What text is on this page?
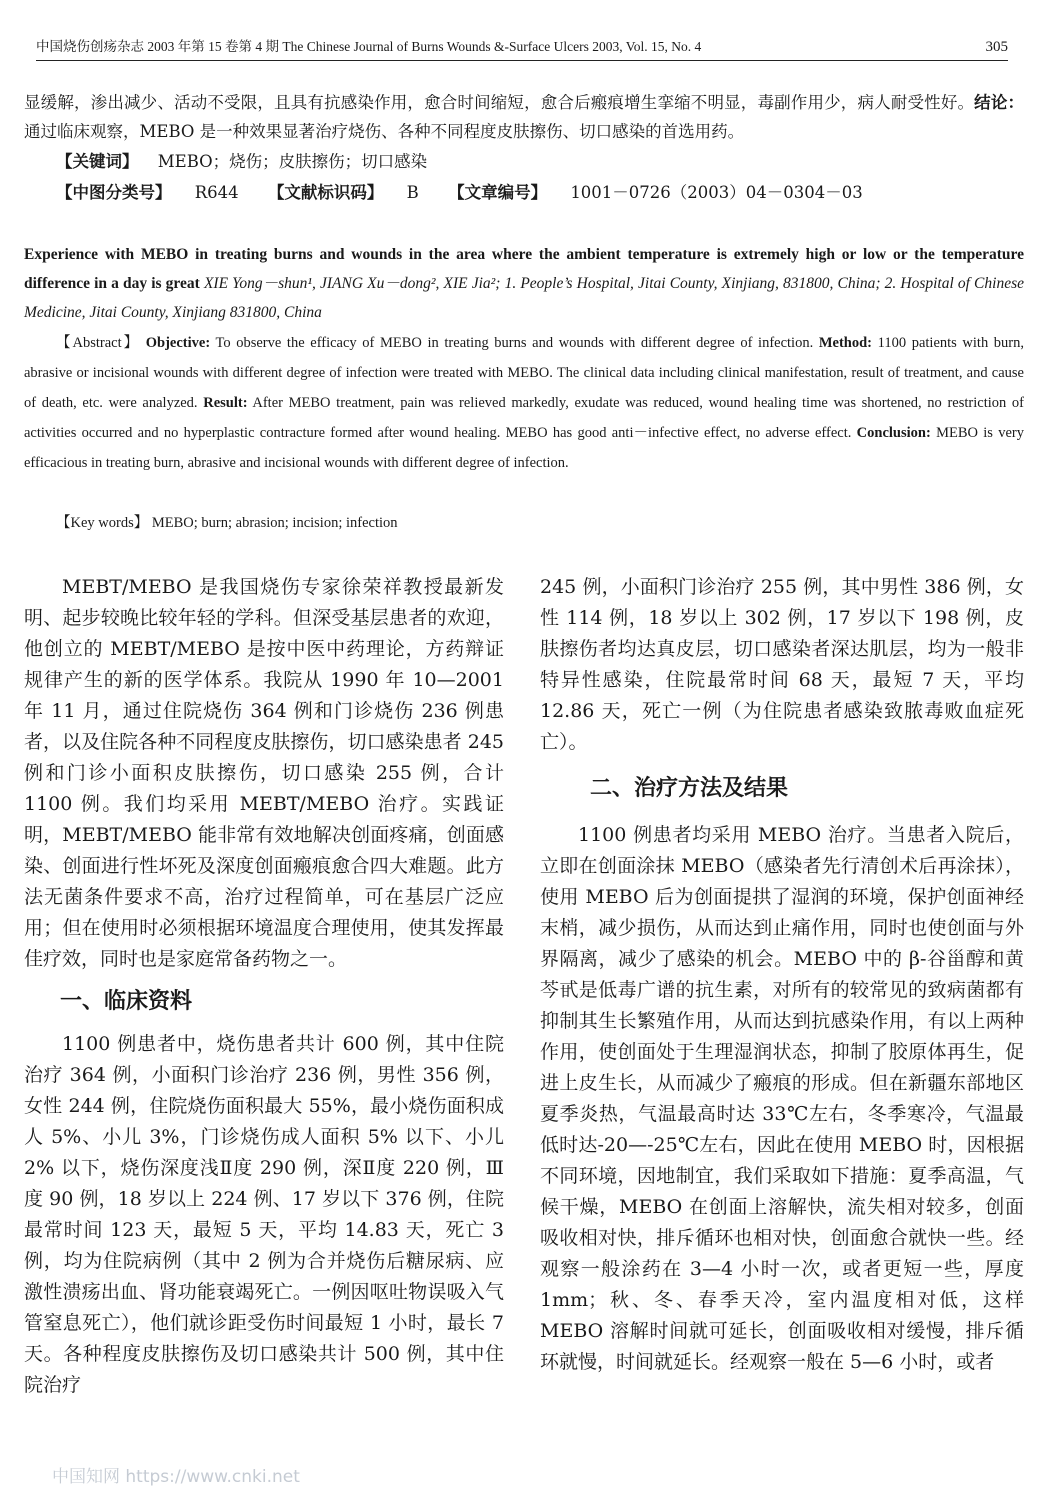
中国烧伤创疡杂志 2003 年第 15 卷第 4 期 The Chinese Journal of Burns Wounds &-Surface Ulcers 2003, Vol. 15, No. 4	305
显缓解，渗出减少、活动不受限，且具有抗感染作用，愈合时间缩短，愈合后瘢痕增生挛缩不明显，毒副作用少，病人耐受性好。结论：通过临床观察，MEBO 是一种效果显著治疗烧伤、各种不同程度皮肤擦伤、切口感染的首选用药。
【关键词】 MEBO；烧伤；皮肤擦伤；切口感染
【中图分类号】 R644 【文献标识码】 B 【文章编号】 1001－0726（2003）04－0304－03
Experience with MEBO in treating burns and wounds in the area where the ambient temperature is extremely high or low or the temperature difference in a day is great XIE Yong－shun¹, JIANG Xu－dong², XIE Jia²; 1. People’s Hospital, Jitai County, Xinjiang, 831800, China; 2. Hospital of Chinese Medicine, Jitai County, Xinjiang 831800, China
【Abstract】 Objective: To observe the efficacy of MEBO in treating burns and wounds with different degree of infection. Method: 1100 patients with burn, abrasive or incisional wounds with different degree of infection were treated with MEBO. The clinical data including clinical manifestation, result of treatment, and cause of death, etc. were analyzed. Result: After MEBO treatment, pain was relieved markedly, exudate was reduced, wound healing time was shortened, no restriction of activities occurred and no hyperplastic contracture formed after wound healing. MEBO has good anti－infective effect, no adverse effect. Conclusion: MEBO is very efficacious in treating burn, abrasive and incisional wounds with different degree of infection.
【Key words】 MEBO; burn; abrasion; incision; infection

MEBT/MEBO 是我国烧伤专家徐荣祥教授最新发明、起步较晚比较年轻的学科。但深受基层患者的欢迎，他创立的 MEBT/MEBO 是按中医中药理论，方药辩证规律产生的新的医学体系。我院从 1990 年 10—2001 年 11 月，通过住院烧伤 364 例和门诊烧伤 236 例患者，以及住院各种不同程度皮肤擦伤，切口感染患者 245 例和门诊小面积皮肤擦伤，切口感染 255 例，合计 1100 例。我们均采用 MEBT/MEBO 治疗。实践证明，MEBT/MEBO 能非常有效地解决创面疼痛，创面感染、创面进行性坏死及深度创面瘢痕愈合四大难题。此方法无菌条件要求不高，治疗过程简单，可在基层广泛应用；但在使用时必须根据环境温度合理使用，使其发挥最佳疗效，同时也是家庭常备药物之一。

一、临床资料

1100 例患者中，烧伤患者共计 600 例，其中住院治疗 364 例，小面积门诊治疗 236 例，男性 356 例，女性 244 例，住院烧伤面积最大 55%，最小烧伤面积成人 5%、小儿 3%，门诊烧伤成人面积 5% 以下、小儿 2% 以下，烧伤深度浅Ⅱ度 290 例，深Ⅱ度 220 例，Ⅲ度 90 例，18 岁以上 224 例、17 岁以下 376 例，住院最常时间 123 天，最短 5 天，平均 14.83 天，死亡 3 例，均为住院病例（其中 2 例为合并烧伤后糖尿病、应激性溃疡出血、肾功能衰竭死亡。一例因呕吐物误吸入气管窒息死亡），他们就诊距受伤时间最短 1 小时，最长 7 天。各种程度皮肤擦伤及切口感染共计 500 例，其中住院治疗

245 例，小面积门诊治疗 255 例，其中男性 386 例，女性 114 例，18 岁以上 302 例，17 岁以下 198 例，皮肤擦伤者均达真皮层，切口感染者深达肌层，均为一般非特异性感染，住院最常时间 68 天，最短 7 天，平均 12.86 天，死亡一例（为住院患者感染致脓毒败血症死亡）。

二、治疗方法及结果

1100 例患者均采用 MEBO 治疗。当患者入院后，立即在创面涂抹 MEBO（感染者先行清创术后再涂抹），使用 MEBO 后为创面提拱了湿润的环境，保护创面神经末梢，减少损伤，从而达到止痛作用，同时也使创面与外界隔离，减少了感染的机会。MEBO 中的 β-谷甾醇和黄芩甙是低毒广谱的抗生素，对所有的较常见的致病菌都有抑制其生长繁殖作用，从而达到抗感染作用，有以上两种作用，使创面处于生理湿润状态，抑制了胶原体再生，促进上皮生长，从而减少了瘢痕的形成。但在新疆东部地区夏季炎热，气温最高时达 33℃左右，冬季寒冷，气温最低时达-20—-25℃左右，因此在使用 MEBO 时，因根据不同环境，因地制宜，我们采取如下措施：夏季高温，气候干燥，MEBO 在创面上溶解快，流失相对较多，创面吸收相对快，排斥循环也相对快，创面愈合就快一些。经观察一般涂药在 3—4 小时一次，或者更短一些，厚度 1mm；秋、冬、春季天冷，室内温度相对低，这样 MEBO 溶解时间就可延长，创面吸收相对缓慢，排斥循环就慢，时间就延长。经观察一般在 5—6 小时，或者

中国知网 https://www.cnki.net
